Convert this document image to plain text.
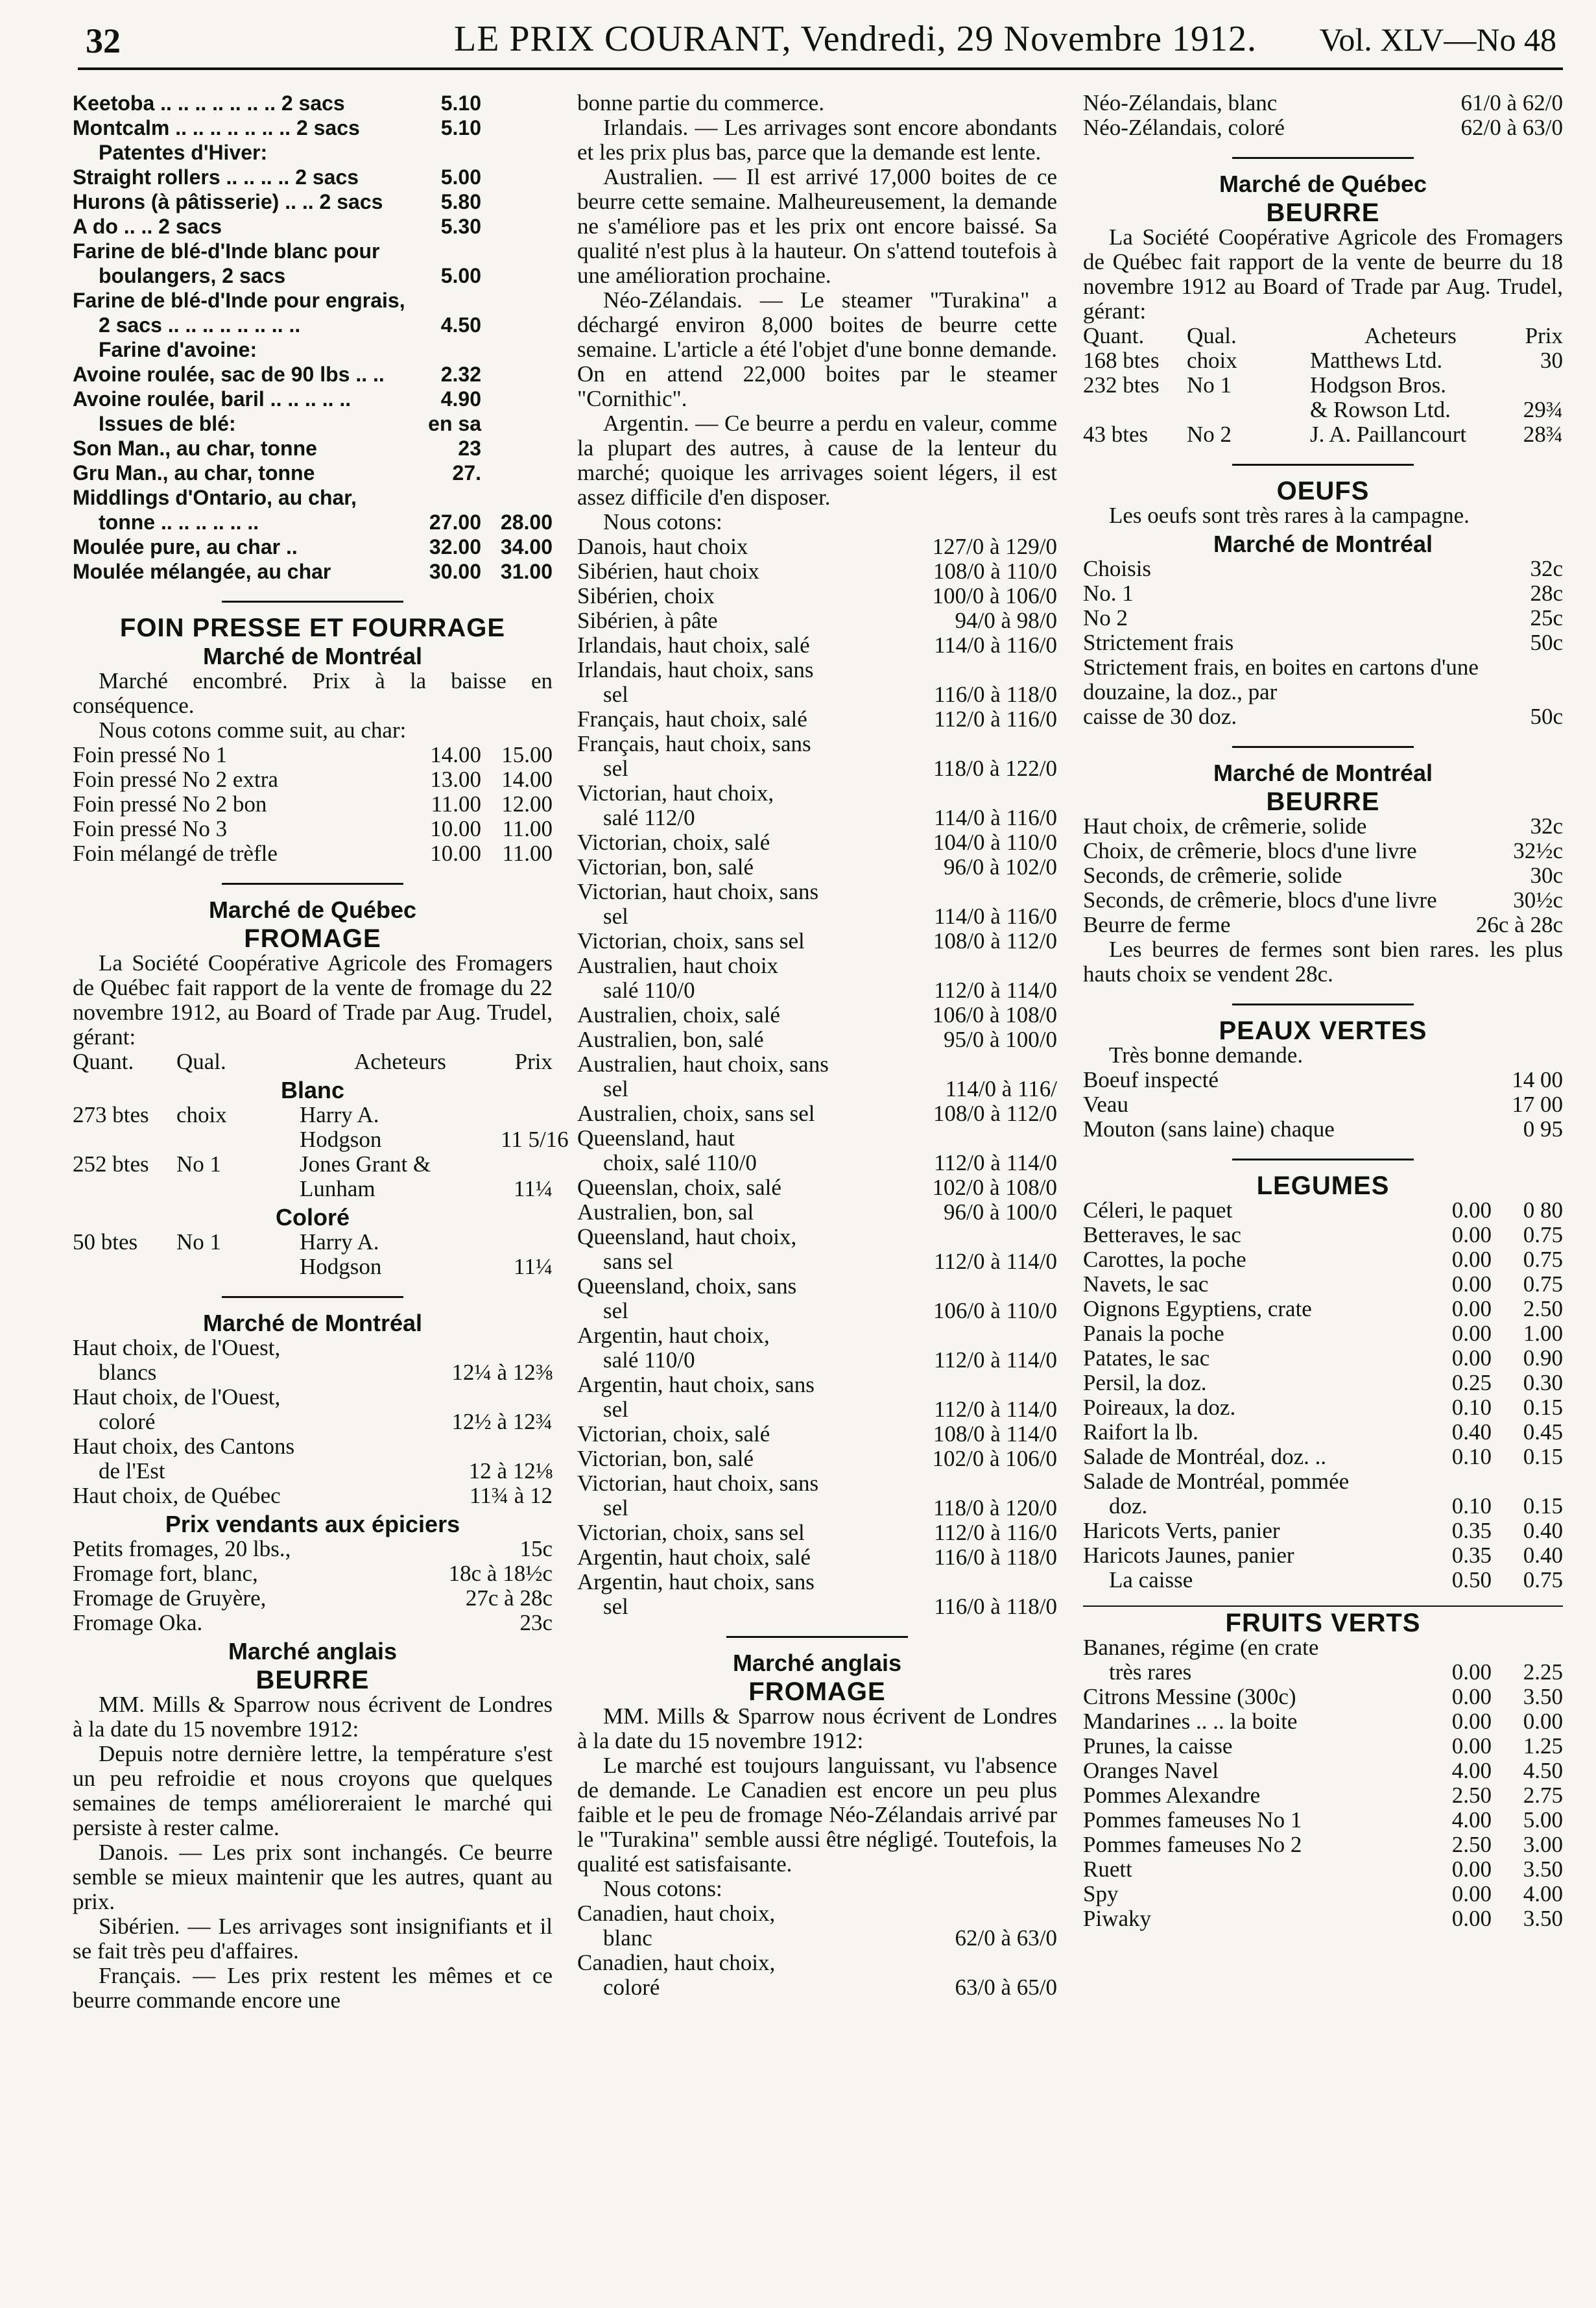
32	LE PRIX COURANT, Vendredi, 29 Novembre 1912. Vol. XLV—No 48
Keetoba .. .. .. .. .. .. .. 2 sacs	5.10
Montcalm .. .. .. .. .. .. .. 2 sacs	5.10
Patentes d'Hiver:
Straight rollers .. .. .. .. 2 sacs	5.00
Hurons (à pâtisserie) .. .. 2 sacs	5.80
A do .. .. 2 sacs	5.30
Farine de blé-d'Inde blanc pour
boulangers, 2 sacs	5.00
Farine de blé-d'Inde pour engrais,
2 sacs .. .. .. .. .. .. .. ..	4.50
Farine d'avoine:
Avoine roulée, sac de 90 lbs .. ..	2.32
Avoine roulée, baril .. .. .. .. ..	4.90
Issues de blé:	en sa
Son Man., au char, tonne	23
Gru Man., au char, tonne	27.
Middlings d'Ontario, au char,
tonne .. .. .. .. .. ..	27.00 28.00
Moulée pure, au char ..	32.00 34.00
Moulée mélangée, au char	30.00 31.00
FOIN PRESSE ET FOURRAGE
Marché de Montréal
Marché encombré. Prix à la baisse en conséquence.
Nous cotons comme suit, au char:
Foin pressé No 1	14.00 15.00
Foin pressé No 2 extra	13.00 14.00
Foin pressé No 2 bon	11.00 12.00
Foin pressé No 3	10.00 11.00
Foin mélangé de trèfle	10.00 11.00
Marché de Québec
FROMAGE
La Société Coopérative Agricole des Fromagers de Québec fait rapport de la vente de fromage du 22 novembre 1912, au Board of Trade par Aug. Trudel, gérant:
Quant.	Qual.	Acheteurs	Prix
Blanc
273 btes	choix	Harry A.
Hodgson	11 5/16
252 btes	No 1	Jones Grant &
Lunham	11¼
Coloré
50 btes	No 1	Harry A.
Hodgson	11¼
Marché de Montréal
Haut choix, de l'Ouest,
blancs	12¼ à 12⅜
Haut choix, de l'Ouest,
coloré	12½ à 12¾
Haut choix, des Cantons
de l'Est	12 à 12⅛
Haut choix, de Québec	11¾ à 12
Prix vendants aux épiciers
Petits fromages, 20 lbs.,	15c
Fromage fort, blanc,	18c à 18½c
Fromage de Gruyère,	27c à 28c
Fromage Oka.	23c
Marché anglais
BEURRE
MM. Mills & Sparrow nous écrivent de Londres à la date du 15 novembre 1912:
Depuis notre dernière lettre, la température s'est un peu refroidie et nous croyons que quelques semaines de temps amélioreraient le marché qui persiste à rester calme.
Danois. — Les prix sont inchangés. Ce beurre semble se mieux maintenir que les autres, quant au prix.
Sibérien. — Les arrivages sont insignifiants et il se fait très peu d'affaires.
Français. — Les prix restent les mêmes et ce beurre commande encore une
bonne partie du commerce.
Irlandais. — Les arrivages sont encore abondants et les prix plus bas, parce que la demande est lente.
Australien. — Il est arrivé 17,000 boites de ce beurre cette semaine. Malheureusement, la demande ne s'améliore pas et les prix ont encore baissé. Sa qualité n'est plus à la hauteur. On s'attend toutefois à une amélioration prochaine.
Néo-Zélandais. — Le steamer "Turakina" a déchargé environ 8,000 boites de beurre cette semaine. L'article a été l'objet d'une bonne demande. On en attend 22,000 boites par le steamer "Cornithic".
Argentin. — Ce beurre a perdu en valeur, comme la plupart des autres, à cause de la lenteur du marché; quoique les arrivages soient légers, il est assez difficile d'en disposer.
Nous cotons:
Danois, haut choix	127/0 à 129/0
Sibérien, haut choix	108/0 à 110/0
Sibérien, choix	100/0 à 106/0
Sibérien, à pâte	94/0 à 98/0
Irlandais, haut choix, salé	114/0 à 116/0
Irlandais, haut choix, sans
sel	116/0 à 118/0
Français, haut choix, salé	112/0 à 116/0
Français, haut choix, sans
sel	118/0 à 122/0
Victorian, haut choix,
salé 112/0	114/0 à 116/0
Victorian, choix, salé	104/0 à 110/0
Victorian, bon, salé	96/0 à 102/0
Victorian, haut choix, sans
sel	114/0 à 116/0
Victorian, choix, sans sel	108/0 à 112/0
Australien, haut choix
salé 110/0	112/0 à 114/0
Australien, choix, salé	106/0 à 108/0
Australien, bon, salé	95/0 à 100/0
Australien, haut choix, sans
sel	114/0 à 116/
Australien, choix, sans sel	108/0 à 112/0
Queensland, haut
choix, salé 110/0	112/0 à 114/0
Queenslan, choix, salé	102/0 à 108/0
Australien, bon, sal	96/0 à 100/0
Queensland, haut choix,
sans sel	112/0 à 114/0
Queensland, choix, sans
sel	106/0 à 110/0
Argentin, haut choix,
salé 110/0	112/0 à 114/0
Argentin, haut choix, sans
sel	112/0 à 114/0
Victorian, choix, salé	108/0 à 114/0
Victorian, bon, salé	102/0 à 106/0
Victorian, haut choix, sans
sel	118/0 à 120/0
Victorian, choix, sans sel	112/0 à 116/0
Argentin, haut choix, salé	116/0 à 118/0
Argentin, haut choix, sans
sel	116/0 à 118/0
Marché anglais
FROMAGE
MM. Mills & Sparrow nous écrivent de Londres à la date du 15 novembre 1912:
Le marché est toujours languissant, vu l'absence de demande. Le Canadien est encore un peu plus faible et le peu de fromage Néo-Zélandais arrivé par le "Turakina" semble aussi être négligé. Toutefois, la qualité est satisfaisante.
Nous cotons:
Canadien, haut choix,
blanc	62/0 à 63/0
Canadien, haut choix,
coloré	63/0 à 65/0
Néo-Zélandais, blanc	61/0 à 62/0
Néo-Zélandais, coloré	62/0 à 63/0
Marché de Québec
BEURRE
La Société Coopérative Agricole des Fromagers de Québec fait rapport de la vente de beurre du 18 novembre 1912 au Board of Trade par Aug. Trudel, gérant:
Quant.	Qual.	Acheteurs	Prix
168 btes	choix	Matthews Ltd.	30
232 btes	No 1	Hodgson Bros.
& Rowson Ltd.	29¾
43 btes	No 2	J. A. Paillancourt	28¾
OEUFS
Les oeufs sont très rares à la campagne.
Marché de Montréal
Choisis	32c
No. 1	28c
No 2	25c
Strictement frais	50c
Strictement frais, en boites en cartons d'une douzaine, la doz., par
caisse de 30 doz.	50c
Marché de Montréal
BEURRE
Haut choix, de crêmerie, solide	32c
Choix, de crêmerie, blocs d'une livre	32½c
Seconds, de crêmerie, solide	30c
Seconds, de crêmerie, blocs d'une livre	30½c
Beurre de ferme	26c à 28c
Les beurres de fermes sont bien rares. les plus hauts choix se vendent 28c.
PEAUX VERTES
Très bonne demande.
Boeuf inspecté	14 00
Veau	17 00
Mouton (sans laine) chaque	0 95
LEGUMES
Céleri, le paquet	0.00	0 80
Betteraves, le sac	0.00	0.75
Carottes, la poche	0.00	0.75
Navets, le sac	0.00	0.75
Oignons Egyptiens, crate	0.00	2.50
Panais la poche	0.00	1.00
Patates, le sac	0.00	0.90
Persil, la doz.	0.25	0.30
Poireaux, la doz.	0.10	0.15
Raifort la lb.	0.40	0.45
Salade de Montréal, doz. ..	0.10	0.15
Salade de Montréal, pommée
doz.	0.10	0.15
Haricots Verts, panier	0.35	0.40
Haricots Jaunes, panier	0.35	0.40
La caisse	0.50	0.75
FRUITS VERTS
Bananes, régime (en crate
très rares	0.00	2.25
Citrons Messine (300c)	0.00	3.50
Mandarines .. .. la boite	0.00	0.00
Prunes, la caisse	0.00	1.25
Oranges Navel	4.00	4.50
Pommes Alexandre	2.50	2.75
Pommes fameuses No 1	4.00	5.00
Pommes fameuses No 2	2.50	3.00
Ruett	0.00	3.50
Spy	0.00	4.00
Piwaky	0.00	3.50
